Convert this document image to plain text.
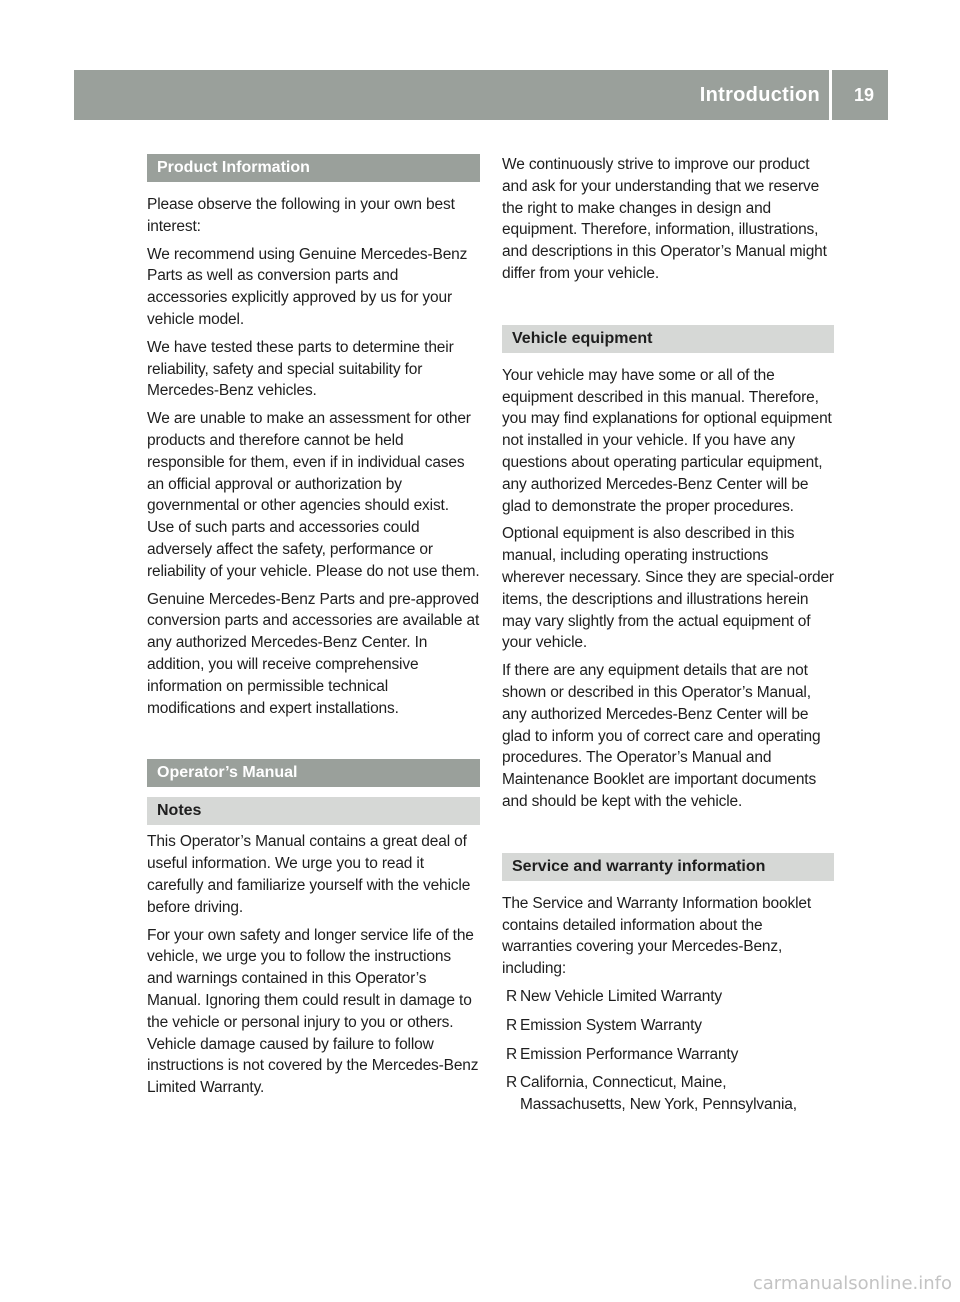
Introduction 19
Product Information

Please observe the following in your own best interest:

We recommend using Genuine Mercedes-Benz Parts as well as conversion parts and accessories explicitly approved by us for your vehicle model.

We have tested these parts to determine their reliability, safety and special suitability for Mercedes-Benz vehicles.

We are unable to make an assessment for other products and therefore cannot be held responsible for them, even if in individual cases an official approval or authorization by governmental or other agencies should exist. Use of such parts and accessories could adversely affect the safety, performance or reliability of your vehicle. Please do not use them.

Genuine Mercedes-Benz Parts and pre-approved conversion parts and accessories are available at any authorized Mercedes-Benz Center. In addition, you will receive comprehensive information on permissible technical modifications and expert installations.

Operator’s Manual
Notes

This Operator’s Manual contains a great deal of useful information. We urge you to read it carefully and familiarize yourself with the vehicle before driving.

For your own safety and longer service life of the vehicle, we urge you to follow the instructions and warnings contained in this Operator’s Manual. Ignoring them could result in damage to the vehicle or personal injury to you or others. Vehicle damage caused by failure to follow instructions is not covered by the Mercedes-Benz Limited Warranty.

We continuously strive to improve our product and ask for your understanding that we reserve the right to make changes in design and equipment. Therefore, information, illustrations, and descriptions in this Operator’s Manual might differ from your vehicle.

Vehicle equipment

Your vehicle may have some or all of the equipment described in this manual. Therefore, you may find explanations for optional equipment not installed in your vehicle. If you have any questions about operating particular equipment, any authorized Mercedes-Benz Center will be glad to demonstrate the proper procedures.

Optional equipment is also described in this manual, including operating instructions wherever necessary. Since they are special-order items, the descriptions and illustrations herein may vary slightly from the actual equipment of your vehicle.

If there are any equipment details that are not shown or described in this Operator’s Manual, any authorized Mercedes-Benz Center will be glad to inform you of correct care and operating procedures. The Operator’s Manual and Maintenance Booklet are important documents and should be kept with the vehicle.

Service and warranty information

The Service and Warranty Information booklet contains detailed information about the warranties covering your Mercedes-Benz, including:

R New Vehicle Limited Warranty
R Emission System Warranty
R Emission Performance Warranty
R California, Connecticut, Maine, Massachusetts, New York, Pennsylvania,
carmanualsonline.info
